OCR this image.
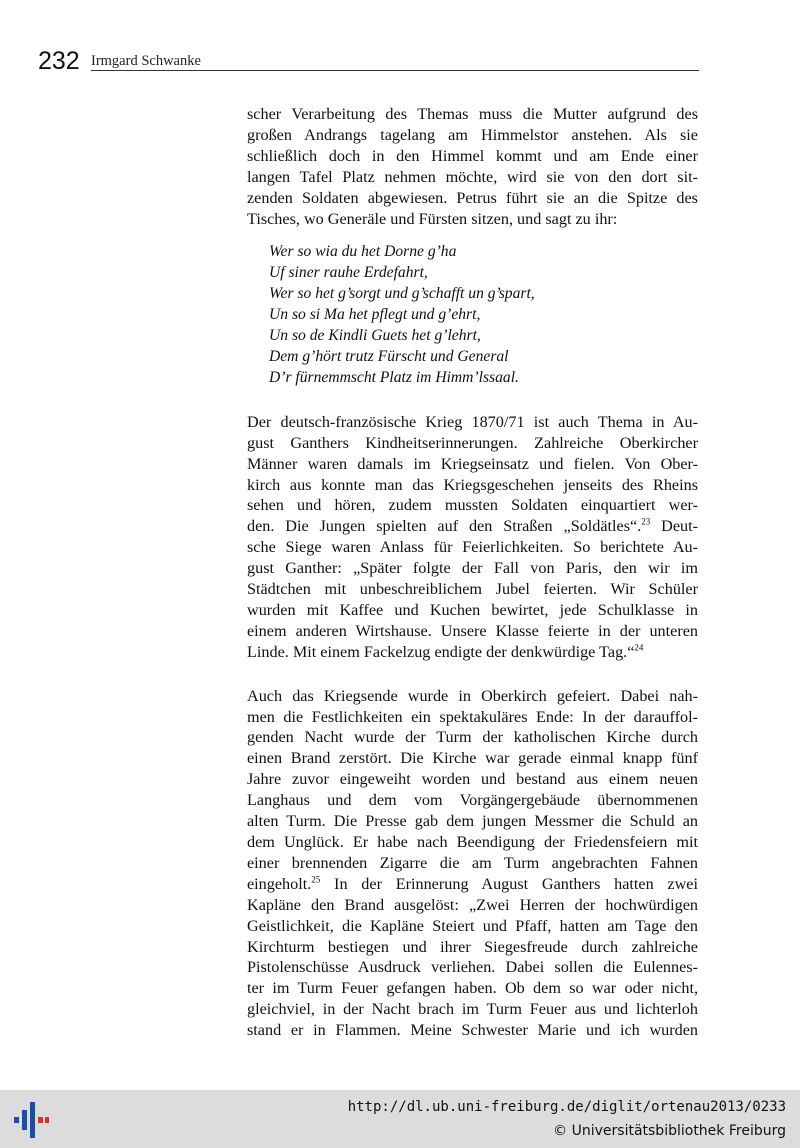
232 Irmgard Schwanke

scher Verarbeitung des Themas muss die Mutter aufgrund des
großen Andrangs tagelang am Himmelstor anstehen. Als sie
schließlich doch in den Himmel kommt und am Ende einer
langen Tafel Platz nehmen möchte, wird sie von den dort sit-
zenden Soldaten abgewiesen. Petrus führt sie an die Spitze des
Tisches, wo Generäle und Fürsten sitzen, und sagt zu ihr:

Wer so wia du het Dorne g’ha
Uf siner rauhe Erdefahrt,
Wer so het g’sorgt und g’schafft un g’spart,
Un so si Ma het pflegt und g’ehrt,
Un so de Kindli Guets het g’lehrt,
Dem g’hört trutz Fürscht und General
D’r fürnemmscht Platz im Himm’lssaal.

Der deutsch-französische Krieg 1870/71 ist auch Thema in Au-
gust Ganthers Kindheitserinnerungen. Zahlreiche Oberkircher
Männer waren damals im Kriegseinsatz und fielen. Von Ober-
kirch aus konnte man das Kriegsgeschehen jenseits des Rheins
sehen und hören, zudem mussten Soldaten einquartiert wer-
den. Die Jungen spielten auf den Straßen „Soldätles“.$^{23}$ Deut-
sche Siege waren Anlass für Feierlichkeiten. So berichtete Au-
gust Ganther: „Später folgte der Fall von Paris, den wir im
Städtchen mit unbeschreiblichem Jubel feierten. Wir Schüler
wurden mit Kaffee und Kuchen bewirtet, jede Schulklasse in
einem anderen Wirtshause. Unsere Klasse feierte in der unteren
Linde. Mit einem Fackelzug endigte der denkwürdige Tag.“$^{24}$

Auch das Kriegsende wurde in Oberkirch gefeiert. Dabei nah-
men die Festlichkeiten ein spektakuläres Ende: In der darauffol-
genden Nacht wurde der Turm der katholischen Kirche durch
einen Brand zerstört. Die Kirche war gerade einmal knapp fünf
Jahre zuvor eingeweiht worden und bestand aus einem neuen
Langhaus und dem vom Vorgängergebäude übernommenen
alten Turm. Die Presse gab dem jungen Messmer die Schuld an
dem Unglück. Er habe nach Beendigung der Friedensfeiern mit
einer brennenden Zigarre die am Turm angebrachten Fahnen
eingeholt.$^{25}$ In der Erinnerung August Ganthers hatten zwei
Kapläne den Brand ausgelöst: „Zwei Herren der hochwürdigen
Geistlichkeit, die Kapläne Steiert und Pfaff, hatten am Tage den
Kirchturm bestiegen und ihrer Siegesfreude durch zahlreiche
Pistolenschüsse Ausdruck verliehen. Dabei sollen die Eulennes-
ter im Turm Feuer gefangen haben. Ob dem so war oder nicht,
gleichviel, in der Nacht brach im Turm Feuer aus und lichterloh
stand er in Flammen. Meine Schwester Marie und ich wurden

http://dl.ub.uni-freiburg.de/diglit/ortenau2013/0233
© Universitätsbibliothek Freiburg
